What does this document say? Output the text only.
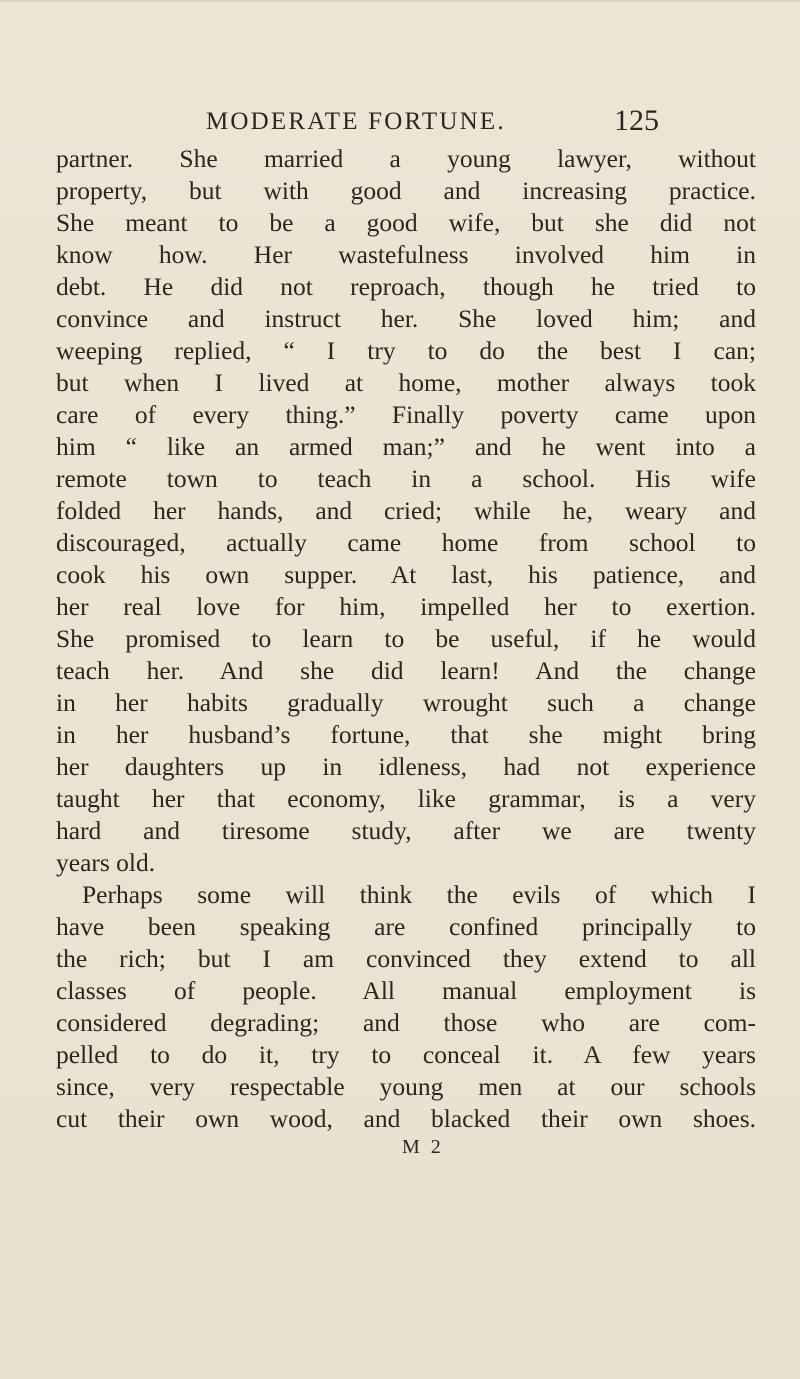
MODERATE FORTUNE.	125
partner. She married a young lawyer, without
property, but with good and increasing practice.
She meant to be a good wife, but she did not
know how. Her wastefulness involved him in
debt. He did not reproach, though he tried to
convince and instruct her. She loved him; and
weeping replied, “ I try to do the best I can;
but when I lived at home, mother always took
care of every thing.” Finally poverty came upon
him “ like an armed man;” and he went into a
remote town to teach in a school. His wife
folded her hands, and cried; while he, weary and
discouraged, actually came home from school to
cook his own supper. At last, his patience, and
her real love for him, impelled her to exertion.
She promised to learn to be useful, if he would
teach her. And she did learn! And the change
in her habits gradually wrought such a change
in her husband’s fortune, that she might bring
her daughters up in idleness, had not experience
taught her that economy, like grammar, is a very
hard and tiresome study, after we are twenty
years old.
Perhaps some will think the evils of which I
have been speaking are confined principally to
the rich; but I am convinced they extend to all
classes of people. All manual employment is
considered degrading; and those who are com-
pelled to do it, try to conceal it. A few years
since, very respectable young men at our schools
cut their own wood, and blacked their own shoes.
M 2
